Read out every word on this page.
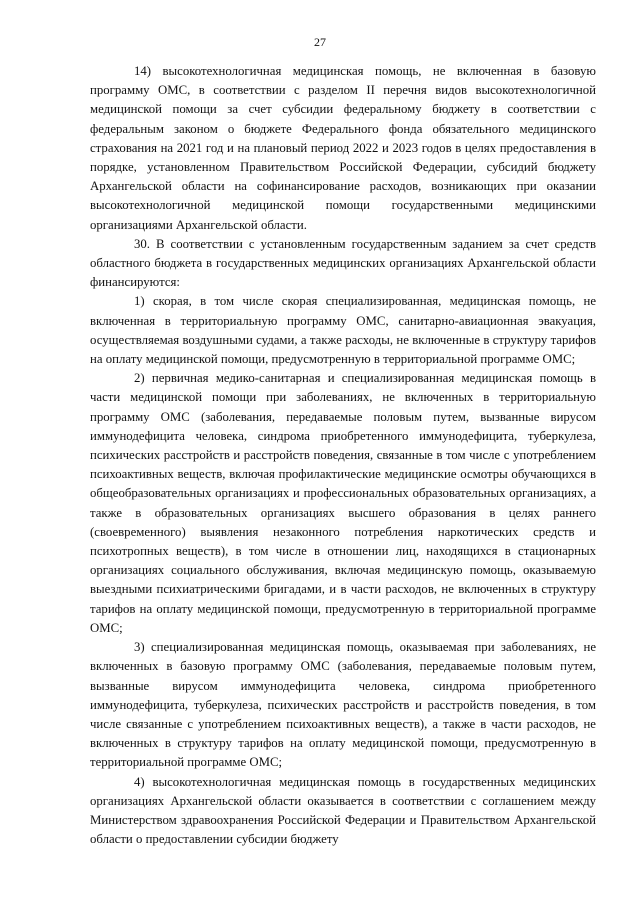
27

14) высокотехнологичная медицинская помощь, не включенная в базовую программу ОМС, в соответствии с разделом II перечня видов высокотехнологичной медицинской помощи за счет субсидии федеральному бюджету в соответствии с федеральным законом о бюджете Федерального фонда обязательного медицинского страхования на 2021 год и на плановый период 2022 и 2023 годов в целях предоставления в порядке, установленном Правительством Российской Федерации, субсидий бюджету Архангельской области на софинансирование расходов, возникающих при оказании высокотехнологичной медицинской помощи государственными медицинскими организациями Архангельской области.

30. В соответствии с установленным государственным заданием за счет средств областного бюджета в государственных медицинских организациях Архангельской области финансируются:

1) скорая, в том числе скорая специализированная, медицинская помощь, не включенная в территориальную программу ОМС, санитарно-авиационная эвакуация, осуществляемая воздушными судами, а также расходы, не включенные в структуру тарифов на оплату медицинской помощи, предусмотренную в территориальной программе ОМС;

2) первичная медико-санитарная и специализированная медицинская помощь в части медицинской помощи при заболеваниях, не включенных в территориальную программу ОМС (заболевания, передаваемые половым путем, вызванные вирусом иммунодефицита человека, синдрома приобретенного иммунодефицита, туберкулеза, психических расстройств и расстройств поведения, связанные в том числе с употреблением психоактивных веществ, включая профилактические медицинские осмотры обучающихся в общеобразовательных организациях и профессиональных образовательных организациях, а также в образовательных организациях высшего образования в целях раннего (своевременного) выявления незаконного потребления наркотических средств и психотропных веществ), в том числе в отношении лиц, находящихся в стационарных организациях социального обслуживания, включая медицинскую помощь, оказываемую выездными психиатрическими бригадами, и в части расходов, не включенных в структуру тарифов на оплату медицинской помощи, предусмотренную в территориальной программе ОМС;

3) специализированная медицинская помощь, оказываемая при заболеваниях, не включенных в базовую программу ОМС (заболевания, передаваемые половым путем, вызванные вирусом иммунодефицита человека, синдрома приобретенного иммунодефицита, туберкулеза, психических расстройств и расстройств поведения, в том числе связанные с употреблением психоактивных веществ), а также в части расходов, не включенных в структуру тарифов на оплату медицинской помощи, предусмотренную в территориальной программе ОМС;

4) высокотехнологичная медицинская помощь в государственных медицинских организациях Архангельской области оказывается в соответствии с соглашением между Министерством здравоохранения Российской Федерации и Правительством Архангельской области о предоставлении субсидии бюджету
